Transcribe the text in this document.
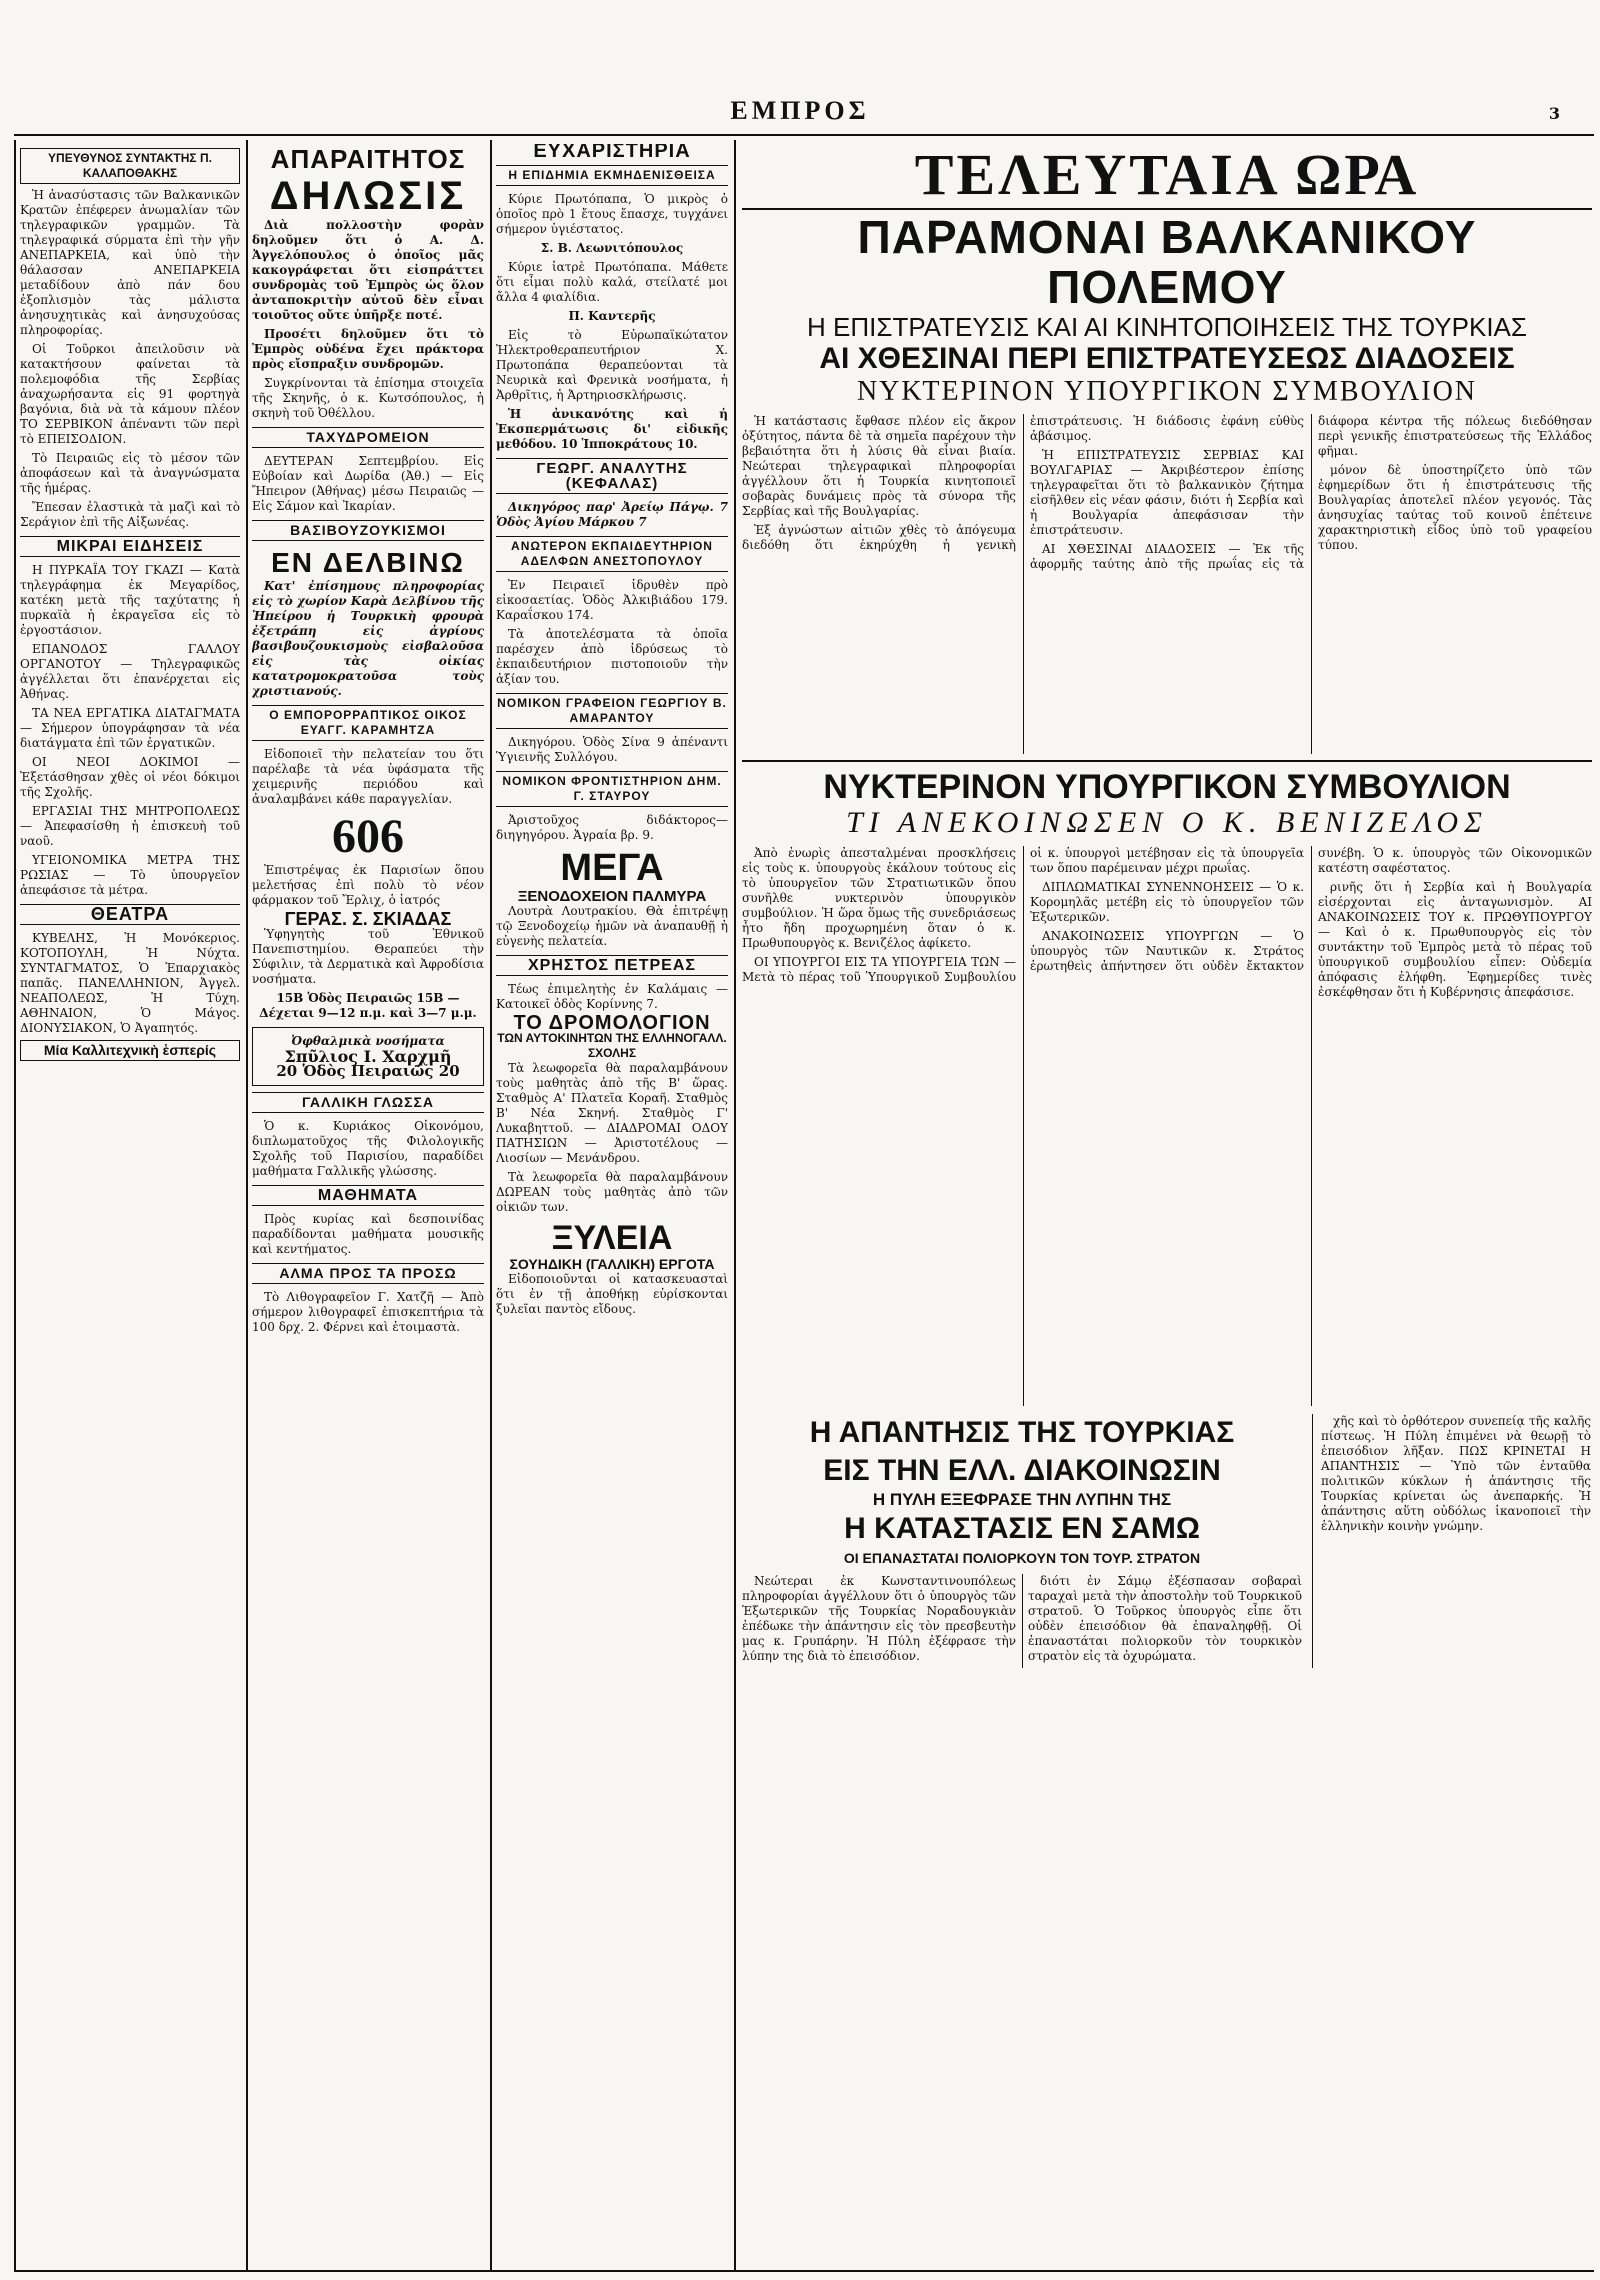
ΕΜΠΡΟΣ	3
ΥΠΕΥΘΥΝΟΣ ΣΥΝΤΑΚΤΗΣ Π. ΚΑΛΑΠΟΘΑΚΗΣ

Ἡ ἀνασύστασις τῶν Βαλκανικῶν Κρατῶν ἐπέφερεν ἀνωμαλίαν τῶν τηλεγραφικῶν γραμμῶν. Τὰ τηλεγραφικά σύρματα ἐπὶ τὴν γῆν ΑΝΕΠΑΡΚΕΙΑ, καὶ ὑπὸ τὴν θάλασσαν ΑΝΕΠΑΡΚΕΙΑ μεταδίδουν ἀπὸ πάν δου ἐξοπλισμὸν τὰς μάλιστα ἀνησυχητικὰς καὶ ἀνησυχούσας πληροφορίας.

Οἱ Τοῦρκοι ἀπειλοῦσιν νὰ κατακτήσουν φαίνεται τὰ πολεμοφόδια τῆς Σερβίας ἀναχωρήσαντα εἰς 91 φορτηγὰ βαγόνια, διὰ νὰ τὰ κάμουν πλέον ΤΟ ΣΕΡΒΙΚΟΝ ἀπέναντι τῶν περὶ τὸ ΕΠΕΙΣΟΔΙΟΝ.

Τὸ Πειραιῶς εἰς τὸ μέσον τῶν ἀποφάσεων καὶ τὰ ἀναγνώσματα τῆς ἡμέρας.

Ἔπεσαν ἐλαστικὰ τὰ μαζὶ καὶ τὸ Σεράγιον ἐπὶ τῆς Αἰξωνέας.

ΜΙΚΡΑΙ ΕΙΔΗΣΕΙΣ

Η ΠΥΡΚΑΪΑ ΤΟΥ ΓΚΑΖΙ — Κατὰ τηλεγράφημα ἐκ Μεγαρίδος, κατέκη μετὰ τῆς ταχύτατης ἡ πυρκαϊὰ ἡ ἐκραγεῖσα εἰς τὸ ἐργοστάσιον.

ΕΠΑΝΟΔΟΣ ΓΑΛΛΟΥ ΟΡΓΑΝΟΤΟΥ — Τηλεγραφικῶς ἀγγέλλεται ὅτι ἐπανέρχεται εἰς Ἀθήνας.

ΤΑ ΝΕΑ ΕΡΓΑΤΙΚΑ ΔΙΑΤΑΓΜΑΤΑ — Σήμερον ὑπογράφησαν τὰ νέα διατάγματα ἐπὶ τῶν ἐργατικῶν.

ΟΙ ΝΕΟΙ ΔΟΚΙΜΟΙ — Ἐξετάσθησαν χθὲς οἱ νέοι δόκιμοι τῆς Σχολῆς.

ΕΡΓΑΣΙΑΙ ΤΗΣ ΜΗΤΡΟΠΟΛΕΩΣ — Ἀπεφασίσθη ἡ ἐπισκευὴ τοῦ ναοῦ.

ΥΓΕΙΟΝΟΜΙΚΑ ΜΕΤΡΑ ΤΗΣ ΡΩΣΙΑΣ — Τὸ ὑπουργεῖον ἀπεφάσισε τὰ μέτρα.

ΘΕΑΤΡΑ

ΚΥΒΕΛΗΣ, Ἡ Μονόκεριος. ΚΟΤΟΠΟΥΛΗ, Ἡ Νύχτα. ΣΥΝΤΑΓΜΑΤΟΣ, Ὁ Ἐπαρχιακὸς παπᾶς. ΠΑΝΕΛΛΗΝΙΟΝ, Ἀγγελ. ΝΕΑΠΟΛΕΩΣ, Ἡ Τύχη. ΑΘΗΝΑΙΟΝ, Ὁ Μάγος. ΔΙΟΝΥΣΙΑΚΟΝ, Ὁ Ἀγαπητός.

Μία Καλλιτεχνικὴ ἑσπερίς
ΑΠΑΡΑΙΤΗΤΟΣ
ΔΗΛΩΣΙΣ

Διὰ πολλοστὴν φορὰν δηλοῦμεν ὅτι ὁ Α. Δ. Ἀγγελόπουλος ὁ ὁποῖος μᾶς κακογράφεται ὅτι εἰσπράττει συνδρομὰς τοῦ Ἐμπρὸς ὡς ὅλον ἀνταποκριτὴν αὐτοῦ δὲν εἶναι τοιοῦτος οὔτε ὑπῆρξε ποτέ.

Προσέτι δηλοῦμεν ὅτι τὸ Ἐμπρὸς οὐδένα ἔχει πράκτορα πρὸς εἴσπραξιν συνδρομῶν.

Συγκρίνονται τὰ ἐπίσημα στοιχεῖα τῆς Σκηνῆς, ὁ κ. Κωτσόπουλος, ἡ σκηνὴ τοῦ Ὀθέλλου.

ΤΑΧΥΔΡΟΜΕΙΟΝ

ΔΕΥΤΕΡΑΝ Σεπτεμβρίου. Εἰς Εὐβοίαν καὶ Δωρίδα (Ἀθ.) — Εἰς Ἤπειρον (Ἀθήνας) μέσω Πειραιῶς — Εἰς Σάμον καὶ Ἰκαρίαν.

ΒΑΣΙΒΟΥΖΟΥΚΙΣΜΟΙ
ΕΝ ΔΕΛΒΙΝΩ

Κατ' ἐπίσημους πληροφορίας εἰς τὸ χωρίον Καρὰ Δελβίνου τῆς Ἠπείρου ἡ Τουρκικὴ φρουρὰ ἐξετράπη εἰς ἀγρίους βασιβουζουκισμοὺς εἰσβαλοῦσα εἰς τὰς οἰκίας κατατρομοκρατοῦσα τοὺς χριστιανούς.

Ο ΕΜΠΟΡΟΡΡΑΠΤΙΚΟΣ ΟΙΚΟΣ ΕΥΑΓΓ. ΚΑΡΑΜΗΤΖΑ

Εἰδοποιεῖ τὴν πελατείαν του ὅτι παρέλαβε τὰ νέα ὑφάσματα τῆς χειμερινῆς περιόδου καὶ ἀναλαμβάνει κάθε παραγγελίαν.

606

Ἐπιστρέψας ἐκ Παρισίων ὅπου μελετήσας ἐπὶ πολὺ τὸ νέον φάρμακον τοῦ Ἔρλιχ, ὁ ἰατρός

ΓΕΡΑΣ. Σ. ΣΚΙΑΔΑΣ

Ὑφηγητὴς τοῦ Ἐθνικοῦ Πανεπιστημίου. Θεραπεύει τὴν Σύφιλιν, τὰ Δερματικὰ καὶ Ἀφροδίσια νοσήματα.

15Β Ὁδὸς Πειραιῶς 15Β — Δέχεται 9—12 π.μ. καὶ 3—7 μ.μ.

Ὀφθαλμικὰ νοσήματα
Σπῦλιος Ι. Χαρχμῆ
20 Ὁδὸς Πειραιῶς 20
ΓΑΛΛΙΚΗ ΓΛΩΣΣΑ

Ὁ κ. Κυριάκος Οἰκονόμου, διπλωματοῦχος τῆς Φιλολογικῆς Σχολῆς τοῦ Παρισίου, παραδίδει μαθήματα Γαλλικῆς γλώσσης.

ΜΑΘΗΜΑΤΑ

Πρὸς κυρίας καὶ δεσποινίδας παραδίδονται μαθήματα μουσικῆς καὶ κεντήματος.

ΑΛΜΑ ΠΡΟΣ ΤΑ ΠΡΟΣΩ

Τὸ Λιθογραφεῖον Γ. Χατζῆ — Ἀπὸ σήμερον λιθογραφεῖ ἐπισκεπτήρια τὰ 100 δρχ. 2. Φέρνει καὶ ἑτοιμαστὰ.

ΕΥΧΑΡΙΣΤΗΡΙΑ
Η ΕΠΙΔΗΜΙΑ ΕΚΜΗΔΕΝΙΣΘΕΙΣΑ

Κύριε Πρωτόπαπα, Ὁ μικρὸς ὁ ὁποῖος πρὸ 1 ἔτους ἔπασχε, τυγχάνει σήμερον ὑγιέστατος.

Σ. Β. Λεωνιτόπουλος

Κύριε ἰατρὲ Πρωτόπαπα. Μάθετε ὅτι εἶμαι πολὺ καλά, στείλατέ μοι ἄλλα 4 φιαλίδια.

Π. Καντερῆς

Εἰς τὸ Εὐρωπαϊκώτατον Ἠλεκτροθεραπευτήριον Χ. Πρωτοπάπα θεραπεύονται τὰ Νευρικὰ καὶ Φρενικὰ νοσήματα, ἡ Ἀρθρῖτις, ἡ Ἀρτηριοσκλήρωσις.

Ἡ ἀνικανότης καὶ ἡ Ἐκσπερμάτωσις δι' εἰδικῆς μεθόδου. 10 Ἱπποκράτους 10.

ΓΕΩΡΓ. ΑΝΑΛΥΤΗΣ (ΚΕΦΑΛΑΣ)

Δικηγόρος παρ' Ἀρείῳ Πάγῳ. 7 Ὁδὸς Ἁγίου Μάρκου 7

ΑΝΩΤΕΡΟΝ ΕΚΠΑΙΔΕΥΤΗΡΙΟΝ ΑΔΕΛΦΩΝ ΑΝΕΣΤΟΠΟΥΛΟΥ

Ἐν Πειραιεῖ ἱδρυθὲν πρὸ εἰκοσαετίας. Ὁδὸς Ἀλκιβιάδου 179. Καραΐσκου 174.

Τὰ ἀποτελέσματα τὰ ὁποῖα παρέσχεν ἀπὸ ἱδρύσεως τὸ ἐκπαιδευτήριον πιστοποιοῦν τὴν ἀξίαν του.

ΝΟΜΙΚΟΝ ΓΡΑΦΕΙΟΝ ΓΕΩΡΓΙΟΥ Β. ΑΜΑΡΑΝΤΟΥ

Δικηγόρου. Ὁδὸς Σίνα 9 ἀπέναντι Ὑγιεινῆς Συλλόγου.

ΝΟΜΙΚΟΝ ΦΡΟΝΤΙΣΤΗΡΙΟΝ ΔΗΜ. Γ. ΣΤΑΥΡΟΥ

Ἀριστοῦχος διδάκτορος—διηγηγόρου. Ἀγραία βρ. 9.

ΜΕΓΑ
ΞΕΝΟΔΟΧΕΙΟΝ ΠΑΛΜΥΡΑ

Λουτρὰ Λουτρακίου. Θὰ ἐπιτρέψῃ τῷ Ξενοδοχείῳ ἡμῶν νὰ ἀναπαυθῇ ἡ εὐγενὴς πελατεία.

ΧΡΗΣΤΟΣ ΠΕΤΡΕΑΣ

Τέως ἐπιμελητὴς ἐν Καλάμαις — Κατοικεῖ ὁδὸς Κορίννης 7.

ΤΟ ΔΡΟΜΟΛΟΓΙΟΝ
ΤΩΝ ΑΥΤΟΚΙΝΗΤΩΝ ΤΗΣ ΕΛΛΗΝΟΓΑΛΛ. ΣΧΟΛΗΣ

Τὰ λεωφορεῖα θὰ παραλαμβάνουν τοὺς μαθητὰς ἀπὸ τῆς Β' ὥρας. Σταθμὸς Α' Πλατεῖα Κοραῆ. Σταθμὸς Β' Νέα Σκηνή. Σταθμὸς Γ' Λυκαβηττοῦ. — ΔΙΑΔΡΟΜΑΙ ΟΔΟΥ ΠΑΤΗΣΙΩΝ — Ἀριστοτέλους — Λιοσίων — Μενάνδρου.

Τὰ λεωφορεῖα θὰ παραλαμβάνουν ΔΩΡΕΑΝ τοὺς μαθητὰς ἀπὸ τῶν οἰκιῶν των.

ΞΥΛΕΙΑ
ΣΟΥΗΔΙΚΗ (ΓΑΛΛΙΚΗ) ΕΡΓΟΤΑ

Εἰδοποιοῦνται οἱ κατασκευασταὶ ὅτι ἐν τῇ ἀποθήκῃ εὑρίσκονται ξυλεῖαι παντὸς εἴδους.

ΤΕΛΕΥΤΑΙΑ ΩΡΑ
ΠΑΡΑΜΟΝΑΙ ΒΑΛΚΑΝΙΚΟΥ ΠΟΛΕΜΟΥ
Η ΕΠΙΣΤΡΑΤΕΥΣΙΣ ΚΑΙ ΑΙ ΚΙΝΗΤΟΠΟΙΗΣΕΙΣ ΤΗΣ ΤΟΥΡΚΙΑΣ
ΑΙ ΧΘΕΣΙΝΑΙ ΠΕΡΙ ΕΠΙΣΤΡΑΤΕΥΣΕΩΣ ΔΙΑΔΟΣΕΙΣ
ΝΥΚΤΕΡΙΝΟΝ ΥΠΟΥΡΓΙΚΟΝ ΣΥΜΒΟΥΛΙΟΝ

Ἡ κατάστασις ἔφθασε πλέον εἰς ἄκρον ὀξύτητος, πάντα δὲ τὰ σημεῖα παρέχουν τὴν βεβαιότητα ὅτι ἡ λύσις θὰ εἶναι βιαία. Νεώτεραι τηλεγραφικαὶ πληροφορίαι ἀγγέλλουν ὅτι ἡ Τουρκία κινητοποιεῖ σοβαρὰς δυνάμεις πρὸς τὰ σύνορα τῆς Σερβίας καὶ τῆς Βουλγαρίας.

Ἐξ ἀγνώστων αἰτιῶν χθὲς τὸ ἀπόγευμα διεδόθη ὅτι ἐκηρύχθη ἡ γενικὴ ἐπιστράτευσις. Ἡ διάδοσις ἐφάνη εὐθὺς ἀβάσιμος.

Ἡ ΕΠΙΣΤΡΑΤΕΥΣΙΣ ΣΕΡΒΙΑΣ ΚΑΙ ΒΟΥΛΓΑΡΙΑΣ — Ἀκριβέστερον ἐπίσης τηλεγραφεῖται ὅτι τὸ βαλκανικὸν ζήτημα εἰσῆλθεν εἰς νέαν φάσιν, διότι ἡ Σερβία καὶ ἡ Βουλγαρία ἀπεφάσισαν τὴν ἐπιστράτευσιν.

ΑΙ ΧΘΕΣΙΝΑΙ ΔΙΑΔΟΣΕΙΣ — Ἐκ τῆς ἀφορμῆς ταύτης ἀπὸ τῆς πρωΐας εἰς τὰ διάφορα κέντρα τῆς πόλεως διεδόθησαν περὶ γενικῆς ἐπιστρατεύσεως τῆς Ἑλλάδος φῆμαι.

μόνον δὲ ὑποστηρίζετο ὑπὸ τῶν ἐφημερίδων ὅτι ἡ ἐπιστράτευσις τῆς Βουλγαρίας ἀποτελεῖ πλέον γεγονός. Τὰς ἀνησυχίας ταύτας τοῦ κοινοῦ ἐπέτεινε χαρακτηριστικὴ εἶδος ὑπὸ τοῦ γραφείου τύπου.

ΝΥΚΤΕΡΙΝΟΝ ΥΠΟΥΡΓΙΚΟΝ ΣΥΜΒΟΥΛΙΟΝ
ΤΙ ΑΝΕΚΟΙΝΩΣΕΝ Ο Κ. ΒΕΝΙΖΕΛΟΣ

Ἀπὸ ἐνωρὶς ἀπεσταλμέναι προσκλήσεις εἰς τοὺς κ. ὑπουργοὺς ἐκάλουν τούτους εἰς τὸ ὑπουργεῖον τῶν Στρατιωτικῶν ὅπου συνῆλθε νυκτερινὸν ὑπουργικὸν συμβούλιον. Ἡ ὥρα ὅμως τῆς συνεδριάσεως ἦτο ἤδη προχωρημένη ὅταν ὁ κ. Πρωθυπουργὸς κ. Βενιζέλος ἀφίκετο.

ΟΙ ΥΠΟΥΡΓΟΙ ΕΙΣ ΤΑ ΥΠΟΥΡΓΕΙΑ ΤΩΝ — Μετὰ τὸ πέρας τοῦ Ὑπουργικοῦ Συμβουλίου οἱ κ. ὑπουργοὶ μετέβησαν εἰς τὰ ὑπουργεῖα των ὅπου παρέμειναν μέχρι πρωΐας.

ΔΙΠΛΩΜΑΤΙΚΑΙ ΣΥΝΕΝΝΟΗΣΕΙΣ — Ὁ κ. Κορομηλᾶς μετέβη εἰς τὸ ὑπουργεῖον τῶν Ἐξωτερικῶν.

ΑΝΑΚΟΙΝΩΣΕΙΣ ΥΠΟΥΡΓΩΝ — Ὁ ὑπουργὸς τῶν Ναυτικῶν κ. Στράτος ἐρωτηθεὶς ἀπήντησεν ὅτι οὐδὲν ἔκτακτον συνέβη. Ὁ κ. ὑπουργὸς τῶν Οἰκονομικῶν κατέστη σαφέστατος.

ρινῆς ὅτι ἡ Σερβία καὶ ἡ Βουλγαρία εἰσέρχονται εἰς ἀνταγωνισμὸν. ΑΙ ΑΝΑΚΟΙΝΩΣΕΙΣ ΤΟΥ κ. ΠΡΩΘΥΠΟΥΡΓΟΥ — Καὶ ὁ κ. Πρωθυπουργὸς εἰς τὸν συντάκτην τοῦ Ἐμπρὸς μετὰ τὸ πέρας τοῦ ὑπουργικοῦ συμβουλίου εἶπεν: Οὐδεμία ἀπόφασις ἐλήφθη. Ἐφημερίδες τινὲς ἐσκέφθησαν ὅτι ἡ Κυβέρνησις ἀπεφάσισε.

Η ΑΠΑΝΤΗΣΙΣ ΤΗΣ ΤΟΥΡΚΙΑΣ
ΕΙΣ ΤΗΝ ΕΛΛ. ΔΙΑΚΟΙΝΩΣΙΝ
Η ΠΥΛΗ ΕΞΕΦΡΑΣΕ ΤΗΝ ΛΥΠΗΝ ΤΗΣ
Η ΚΑΤΑΣΤΑΣΙΣ ΕΝ ΣΑΜΩ
ΟΙ ΕΠΑΝΑΣΤΑΤΑΙ ΠΟΛΙΟΡΚΟΥΝ ΤΟΝ ΤΟΥΡ. ΣΤΡΑΤΟΝ

Νεώτεραι ἐκ Κωνσταντινουπόλεως πληροφορίαι ἀγγέλλουν ὅτι ὁ ὑπουργὸς τῶν Ἐξωτερικῶν τῆς Τουρκίας Νοραδουγκιὰν ἐπέδωκε τὴν ἀπάντησιν εἰς τὸν πρεσβευτὴν μας κ. Γρυπάρην. Ἡ Πύλη ἐξέφρασε τὴν λύπην της διὰ τὸ ἐπεισόδιον.

διότι ἐν Σάμῳ ἐξέσπασαν σοβαραὶ ταραχαὶ μετὰ τὴν ἀποστολὴν τοῦ Τουρκικοῦ στρατοῦ. Ὁ Τοῦρκος ὑπουργὸς εἶπε ὅτι οὐδὲν ἐπεισόδιον θὰ ἐπαναληφθῇ. Οἱ ἐπαναστάται πολιορκοῦν τὸν τουρκικὸν στρατὸν εἰς τὰ ὀχυρώματα.

χῆς καὶ τὸ ὀρθότερον συνεπείᾳ τῆς καλῆς πίστεως. Ἡ Πύλη ἐπιμένει νὰ θεωρῇ τὸ ἐπεισόδιον λῆξαν. ΠΩΣ ΚΡΙΝΕΤΑΙ Η ΑΠΑΝΤΗΣΙΣ — Ὑπὸ τῶν ἐνταῦθα πολιτικῶν κύκλων ἡ ἀπάντησις τῆς Τουρκίας κρίνεται ὡς ἀνεπαρκής. Ἡ ἀπάντησις αὕτη οὐδόλως ἱκανοποιεῖ τὴν ἑλληνικὴν κοινὴν γνώμην.
